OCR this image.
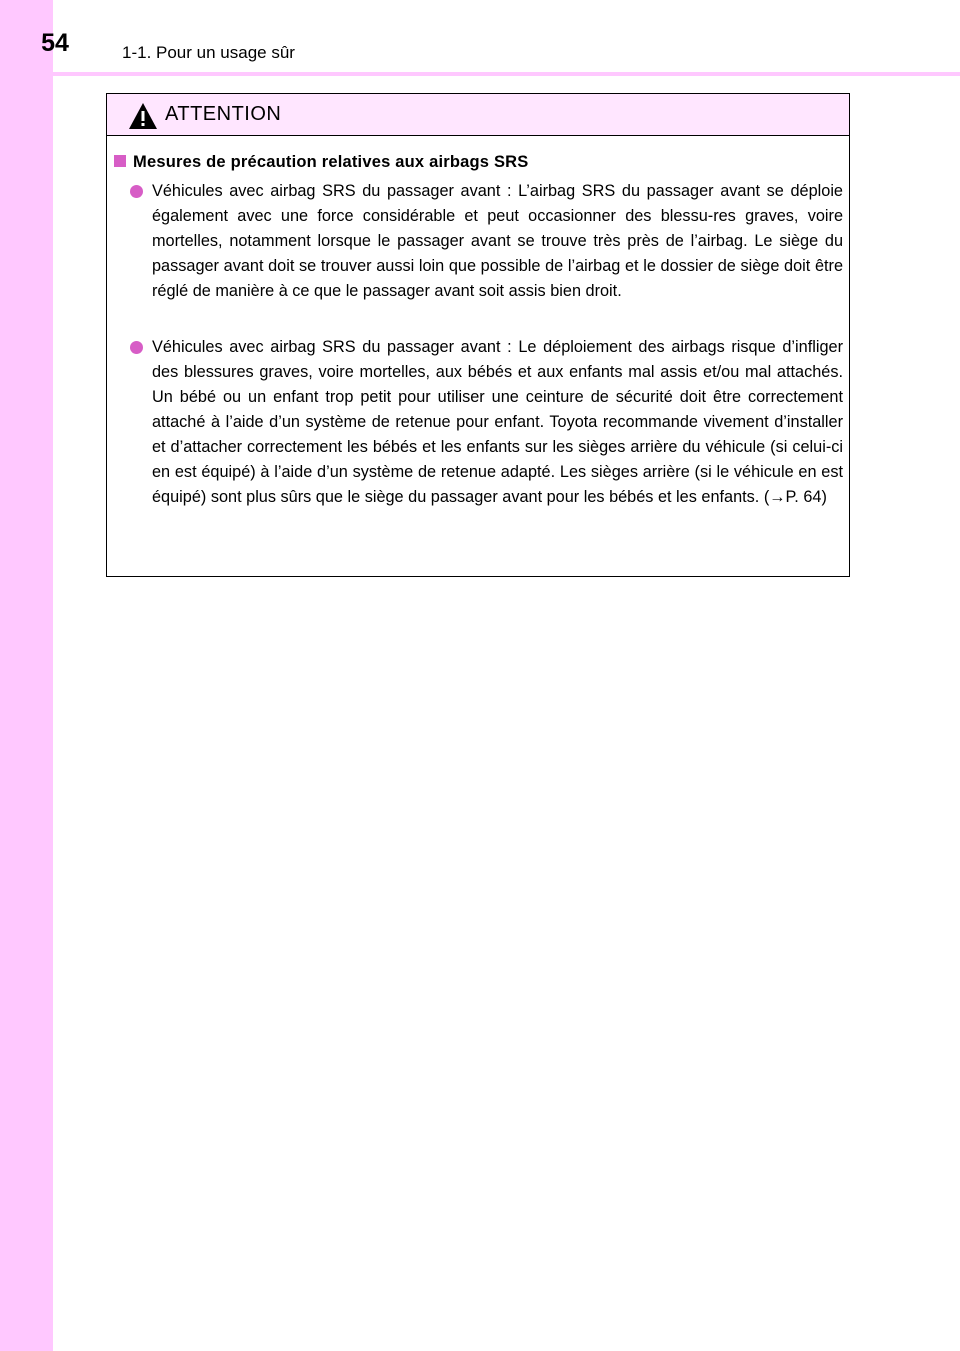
54	1-1. Pour un usage sûr
ATTENTION
Mesures de précaution relatives aux airbags SRS

Véhicules avec airbag SRS du passager avant : L’airbag SRS du passager avant se déploie également avec une force considérable et peut occasionner des blessu-res graves, voire mortelles, notamment lorsque le passager avant se trouve très près de l’airbag. Le siège du passager avant doit se trouver aussi loin que possible de l’airbag et le dossier de siège doit être réglé de manière à ce que le passager avant soit assis bien droit.

Véhicules avec airbag SRS du passager avant : Le déploiement des airbags risque d’infliger des blessures graves, voire mortelles, aux bébés et aux enfants mal assis et/ou mal attachés. Un bébé ou un enfant trop petit pour utiliser une ceinture de sécurité doit être correctement attaché à l’aide d’un système de retenue pour enfant. Toyota recommande vivement d’installer et d’attacher correctement les bébés et les enfants sur les sièges arrière du véhicule (si celui-ci en est équipé) à l’aide d’un système de retenue adapté. Les sièges arrière (si le véhicule en est équipé) sont plus sûrs que le siège du passager avant pour les bébés et les enfants. (→P. 64)
